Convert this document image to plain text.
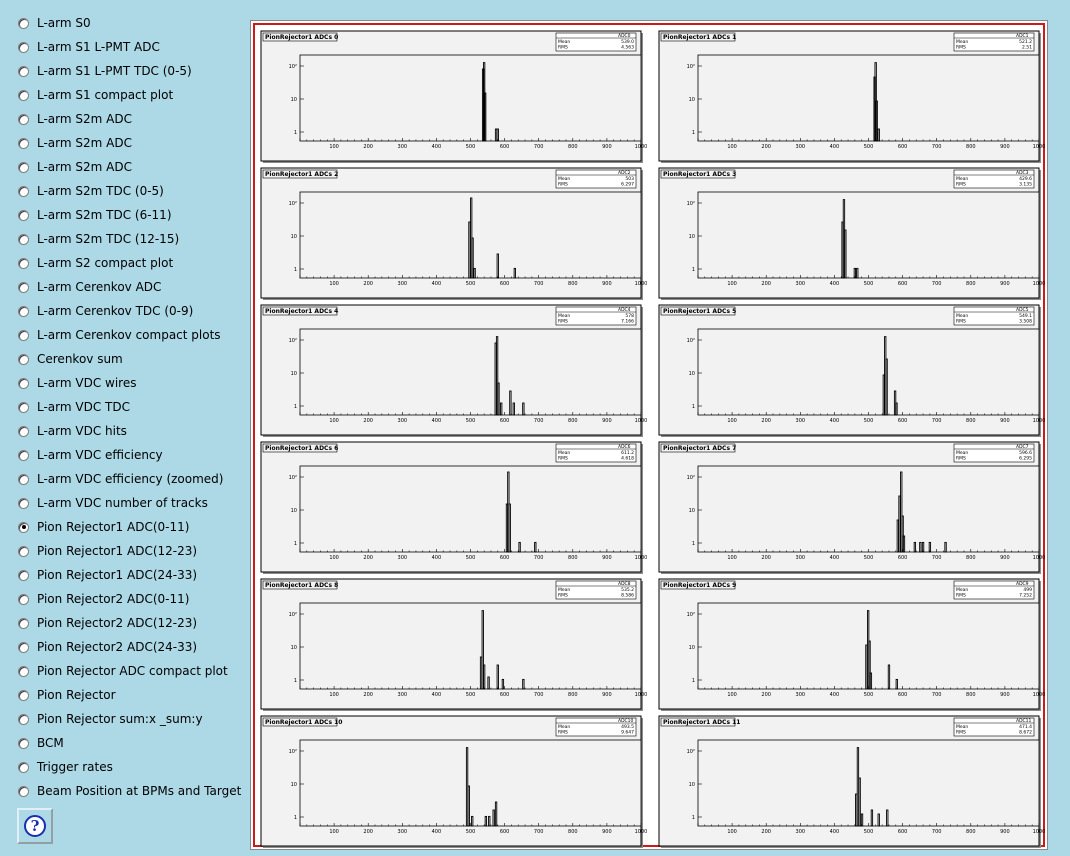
L-arm S0
L-arm S1 L-PMT ADC
L-arm S1 L-PMT TDC (0-5)
L-arm S1 compact plot
L-arm S2m ADC
L-arm S2m ADC
L-arm S2m ADC
L-arm S2m TDC (0-5)
L-arm S2m TDC (6-11)
L-arm S2m TDC (12-15)
L-arm S2 compact plot
L-arm Cerenkov ADC
L-arm Cerenkov TDC (0-9)
L-arm Cerenkov compact plots
Cerenkov sum
L-arm VDC wires
L-arm VDC TDC
L-arm VDC hits
L-arm VDC efficiency
L-arm VDC efficiency (zoomed)
L-arm VDC number of tracks
Pion Rejector1 ADC(0-11)
Pion Rejector1 ADC(12-23)
Pion Rejector1 ADC(24-33)
Pion Rejector2 ADC(0-11)
Pion Rejector2 ADC(12-23)
Pion Rejector2 ADC(24-33)
Pion Rejector ADC compact plot
Pion Rejector
Pion Rejector sum:x _sum:y
BCM
Trigger rates
Beam Position at BPMs and Target
?
PionRejector1 ADCs 0	ADC0
Mean	539.0
RMS	4.563
100	200	300	400	500	600	700	800	900	1000
10²
10
1
PionRejector1 ADCs 1	ADC1
Mean	521.2
RMS	2.51
100	200	300	400	500	600	700	800	900	1000
10²
10
1
PionRejector1 ADCs 2	ADC2
Mean	503
RMS	6.297
100	200	300	400	500	600	700	800	900	1000
10²
10
1
PionRejector1 ADCs 3	ADC3
Mean	429.6
RMS	3.135
100	200	300	400	500	600	700	800	900	1000
10²
10
1
PionRejector1 ADCs 4	ADC4
Mean	578
RMS	7.166
100	200	300	400	500	600	700	800	900	1000
10²
10
1
PionRejector1 ADCs 5	ADC5
Mean	549.1
RMS	3.508
100	200	300	400	500	600	700	800	900	1000
10²
10
1
PionRejector1 ADCs 6	ADC6
Mean	611.2
RMS	4.618
100	200	300	400	500	600	700	800	900	1000
10²
10
1
PionRejector1 ADCs 7	ADC7
Mean	596.6
RMS	6.295
100	200	300	400	500	600	700	800	900	1000
10²
10
1
PionRejector1 ADCs 8	ADC8
Mean	535.2
RMS	8.586
100	200	300	400	500	600	700	800	900	1000
10²
10
1
PionRejector1 ADCs 9	ADC9
Mean	499
RMS	7.252
100	200	300	400	500	600	700	800	900	1000
10²
10
1
PionRejector1 ADCs 10	ADC10
Mean	493.5
RMS	9.647
100	200	300	400	500	600	700	800	900	1000
10²
10
1
PionRejector1 ADCs 11	ADC11
Mean	471.4
RMS	8.672
100	200	300	400	500	600	700	800	900	1000
10²
10
1
